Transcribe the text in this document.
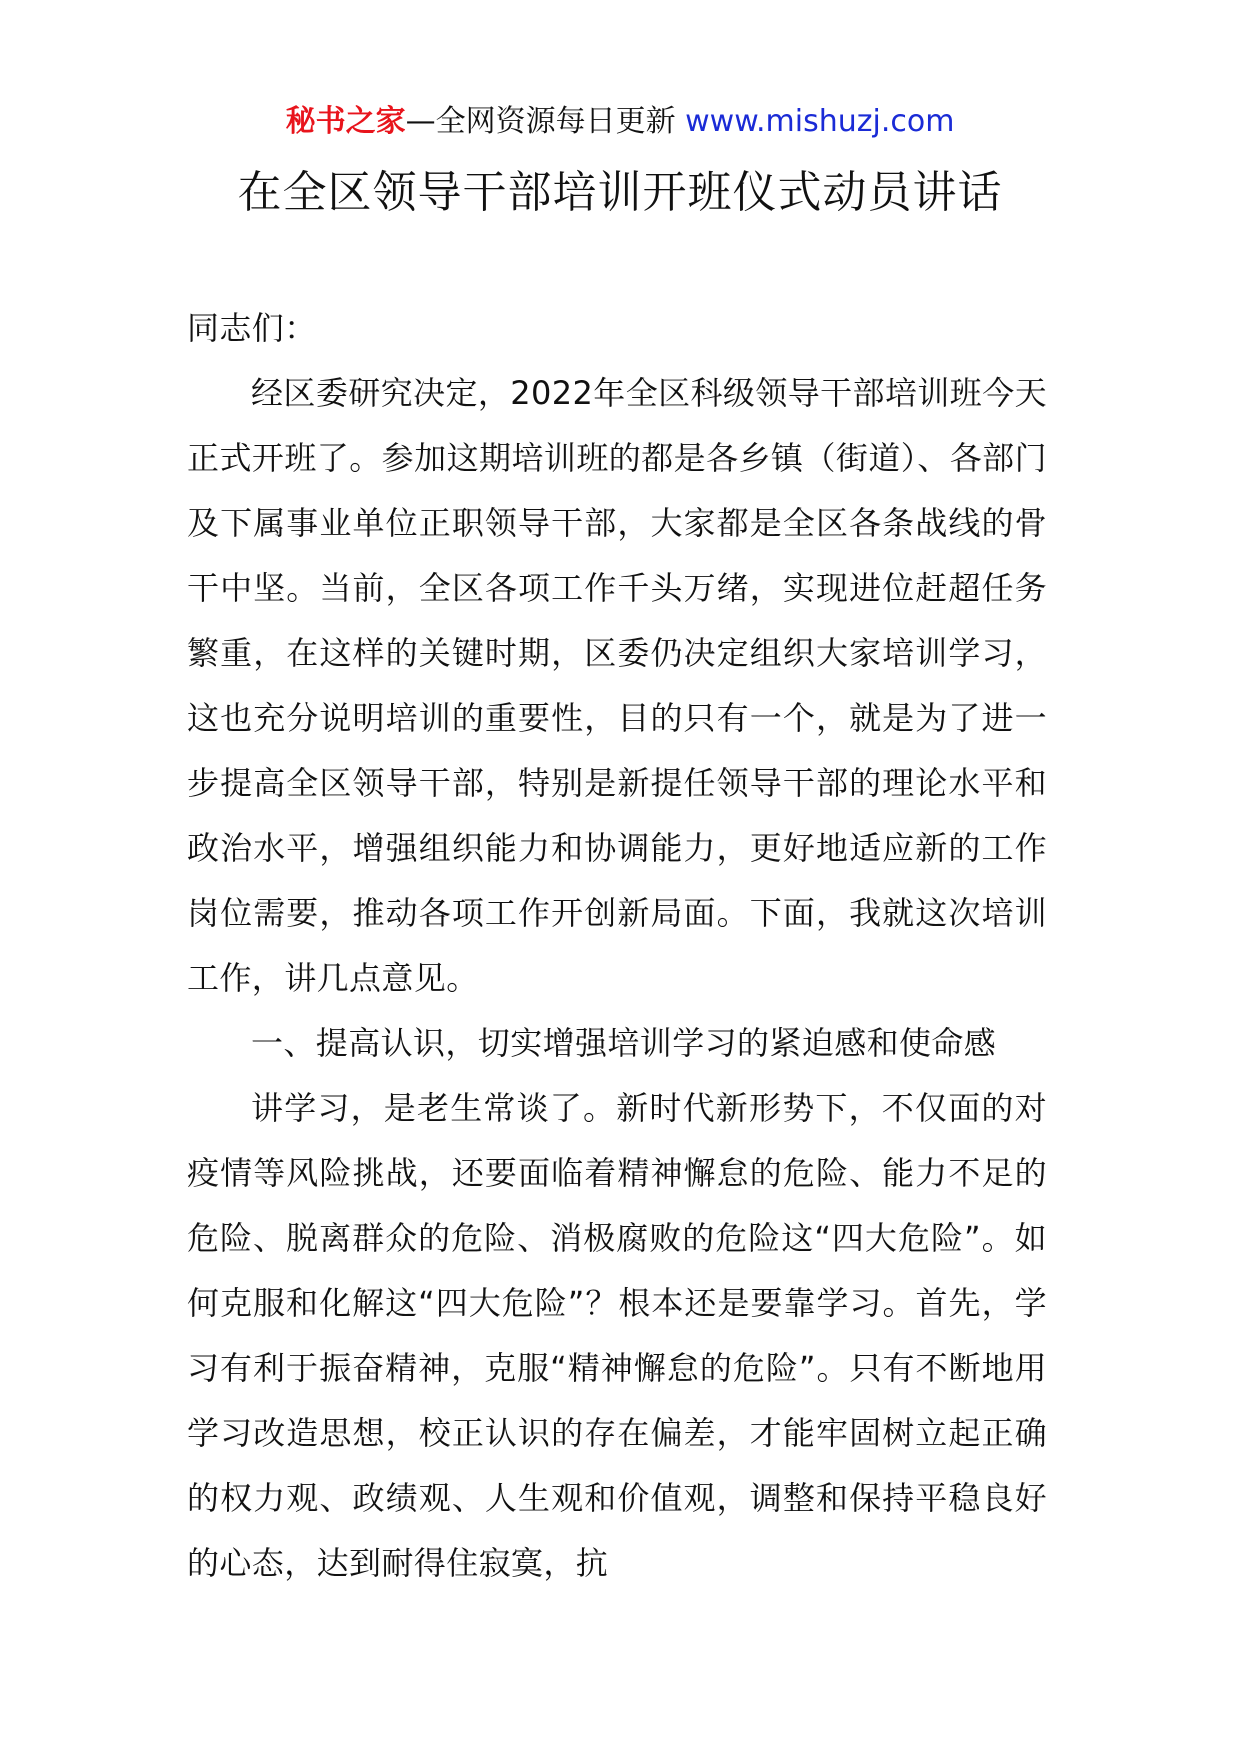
秘书之家—全网资源每日更新 www.mishuzj.com
在全区领导干部培训开班仪式动员讲话

同志们：

经区委研究决定，2022年全区科级领导干部培训班今天正式开班了。参加这期培训班的都是各乡镇（街道）、各部门及下属事业单位正职领导干部，大家都是全区各条战线的骨干中坚。当前，全区各项工作千头万绪，实现进位赶超任务繁重，在这样的关键时期，区委仍决定组织大家培训学习，这也充分说明培训的重要性，目的只有一个，就是为了进一步提高全区领导干部，特别是新提任领导干部的理论水平和政治水平，增强组织能力和协调能力，更好地适应新的工作岗位需要，推动各项工作开创新局面。下面，我就这次培训工作，讲几点意见。

一、提高认识，切实增强培训学习的紧迫感和使命感

讲学习，是老生常谈了。新时代新形势下，不仅面的对疫情等风险挑战，还要面临着精神懈怠的危险、能力不足的危险、脱离群众的危险、消极腐败的危险这“四大危险”。如何克服和化解这“四大危险”？根本还是要靠学习。首先，学习有利于振奋精神，克服“精神懈怠的危险”。只有不断地用学习改造思想，校正认识的存在偏差，才能牢固树立起正确的权力观、政绩观、人生观和价值观，调整和保持平稳良好的心态，达到耐得住寂寞，抗
